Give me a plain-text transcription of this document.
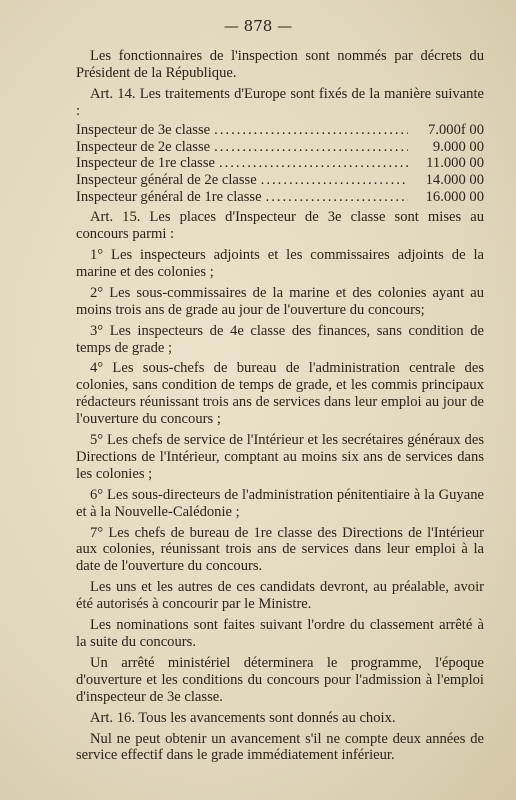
— 878 —

Les fonctionnaires de l'inspection sont nommés par décrets du Président de la République.

Art. 14. Les traitements d'Europe sont fixés de la manière suivante :

Inspecteur de 3e classe .....	7.000f 00
Inspecteur de 2e classe .....	9.000 00
Inspecteur de 1re classe .....	11.000 00
Inspecteur général de 2e classe .....	14.000 00
Inspecteur général de 1re classe .....	16.000 00

Art. 15. Les places d'Inspecteur de 3e classe sont mises au concours parmi :

1° Les inspecteurs adjoints et les commissaires adjoints de la marine et des colonies ;

2° Les sous-commissaires de la marine et des colonies ayant au moins trois ans de grade au jour de l'ouverture du concours;

3° Les inspecteurs de 4e classe des finances, sans condition de temps de grade ;

4° Les sous-chefs de bureau de l'administration centrale des colonies, sans condition de temps de grade, et les commis principaux rédacteurs réunissant trois ans de services dans leur emploi au jour de l'ouverture du concours ;

5° Les chefs de service de l'Intérieur et les secrétaires généraux des Directions de l'Intérieur, comptant au moins six ans de services dans les colonies ;

6° Les sous-directeurs de l'administration pénitentiaire à la Guyane et à la Nouvelle-Calédonie ;

7° Les chefs de bureau de 1re classe des Directions de l'Intérieur aux colonies, réunissant trois ans de services dans leur emploi à la date de l'ouverture du concours.

Les uns et les autres de ces candidats devront, au préalable, avoir été autorisés à concourir par le Ministre.

Les nominations sont faites suivant l'ordre du classement arrêté à la suite du concours.

Un arrêté ministériel déterminera le programme, l'époque d'ouverture et les conditions du concours pour l'admission à l'emploi d'inspecteur de 3e classe.

Art. 16. Tous les avancements sont donnés au choix.

Nul ne peut obtenir un avancement s'il ne compte deux années de service effectif dans le grade immédiatement inférieur.
